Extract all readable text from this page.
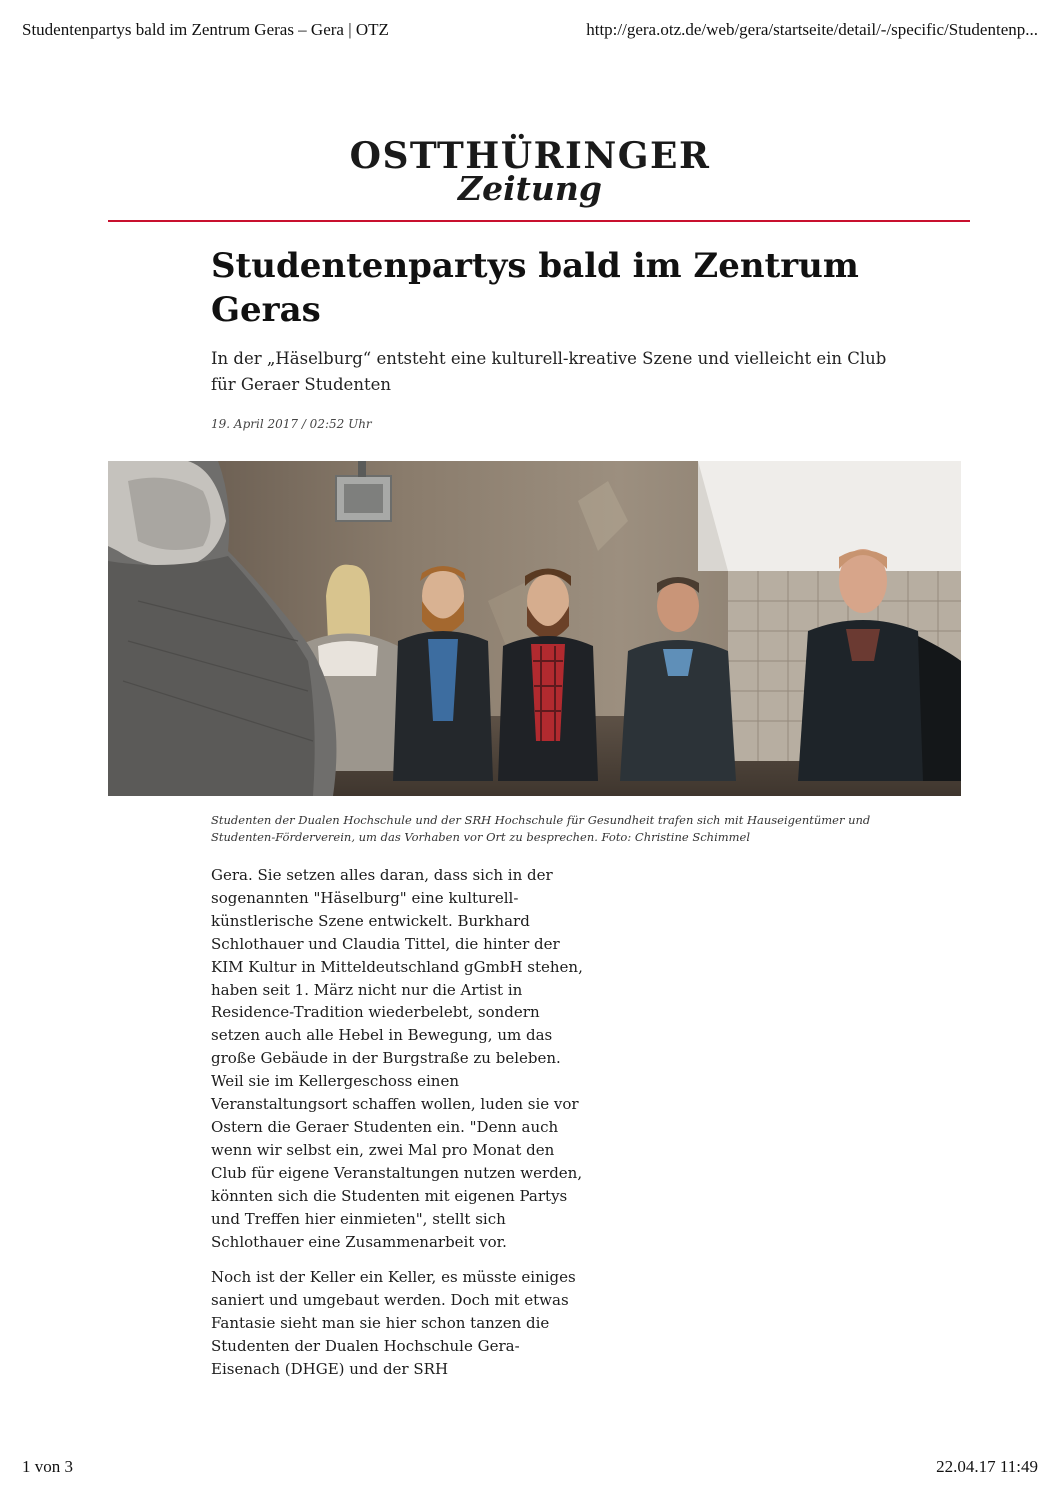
Studentenpartys bald im Zentrum Geras – Gera | OTZ	http://gera.otz.de/web/gera/startseite/detail/-/specific/Studentenp...
OSTTHÜRINGER
Zeitung
Studentenpartys bald im Zentrum Geras

In der „Häselburg“ entsteht eine kulturell-kreative Szene und vielleicht ein Club für Geraer Studenten

19. April 2017 / 02:52 Uhr

Studenten der Dualen Hochschule und der SRH Hochschule für Gesundheit trafen sich mit Hauseigentümer und Studenten-Förderverein, um das Vorhaben vor Ort zu besprechen. Foto: Christine Schimmel

Gera. Sie setzen alles daran, dass sich in der sogenannten "Häselburg" eine kulturell-künstlerische Szene entwickelt. Burkhard Schlothauer und Claudia Tittel, die hinter der KIM Kultur in Mitteldeutschland gGmbH stehen, haben seit 1. März nicht nur die Artist in Residence-Tradition wiederbelebt, sondern setzen auch alle Hebel in Bewegung, um das große Gebäude in der Burgstraße zu beleben. Weil sie im Kellergeschoss einen Veranstaltungsort schaffen wollen, luden sie vor Ostern die Geraer Studenten ein. "Denn auch wenn wir selbst ein, zwei Mal pro Monat den Club für eigene Veranstaltungen nutzen werden, könnten sich die Studenten mit eigenen Partys und Treffen hier einmieten", stellt sich Schlothauer eine Zusammenarbeit vor.

Noch ist der Keller ein Keller, es müsste einiges saniert und umgebaut werden. Doch mit etwas Fantasie sieht man sie hier schon tanzen die Studenten der Dualen Hochschule Gera-Eisenach (DHGE) und der SRH

1 von 3	22.04.17 11:49
